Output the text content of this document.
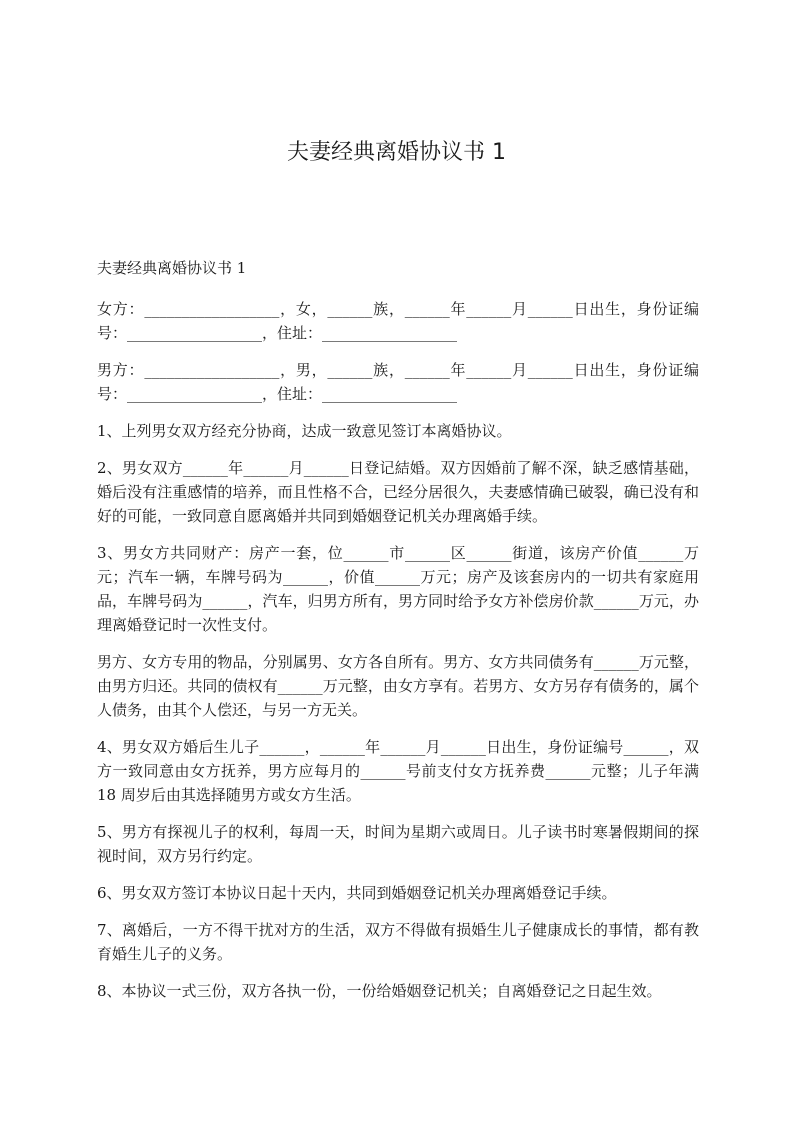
夫妻经典离婚协议书 1

夫妻经典离婚协议书 1

女方：__________________，女，______族，______年______月______日出生，身份证编号：__________________，住址：__________________

男方：__________________，男，______族，______年______月______日出生，身份证编号：__________________，住址：__________________

1、上列男女双方经充分协商，达成一致意见签订本离婚协议。

2、男女双方______年______月______日登记結婚。双方因婚前了解不深，缺乏感情基础，婚后没有注重感情的培养，而且性格不合，已经分居很久，夫妻感情确已破裂，确已没有和好的可能，一致同意自愿离婚并共同到婚姻登记机关办理离婚手续。

3、男女方共同财产：房产一套，位______市______区______街道，该房产价值______万元；汽车一辆，车牌号码为______，价值______万元；房产及该套房内的一切共有家庭用品，车牌号码为______，汽车，归男方所有，男方同时给予女方补偿房价款______万元，办理离婚登记时一次性支付。

男方、女方专用的物品，分别属男、女方各自所有。男方、女方共同债务有______万元整，由男方归还。共同的债权有______万元整，由女方享有。若男方、女方另存有债务的，属个人债务，由其个人偿还，与另一方无关。

4、男女双方婚后生儿子______，______年______月______日出生，身份证编号______，双方一致同意由女方抚养，男方应每月的______号前支付女方抚养费______元整；儿子年满 18 周岁后由其选择随男方或女方生活。

5、男方有探视儿子的权利，每周一天，时间为星期六或周日。儿子读书时寒暑假期间的探视时间，双方另行约定。

6、男女双方签订本协议日起十天内，共同到婚姻登记机关办理离婚登记手续。

7、离婚后，一方不得干扰对方的生活，双方不得做有损婚生儿子健康成长的事情，都有教育婚生儿子的义务。

8、本协议一式三份，双方各执一份，一份给婚姻登记机关；自离婚登记之日起生效。
